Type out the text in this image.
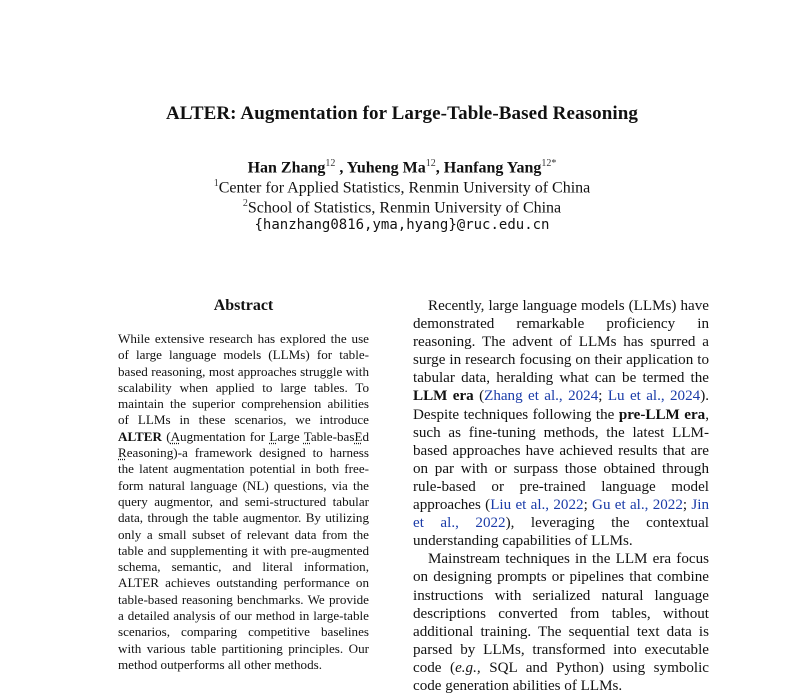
ALTER: Augmentation for Large-Table-Based Reasoning
Han Zhang$^{12}$ , Yuheng Ma$^{12}$, Hanfang Yang$^{12*}$
$^1$Center for Applied Statistics, Renmin University of China
$^2$School of Statistics, Renmin University of China
{hanzhang0816,yma,hyang}@ruc.edu.cn
Abstract

While extensive research has explored the use of large language models (LLMs) for table-based reasoning, most approaches struggle with scalability when applied to large tables. To maintain the superior comprehension abilities of LLMs in these scenarios, we introduce ALTER (Augmentation for Large Table-basEd Reasoning)-a framework designed to harness the latent augmentation potential in both free-form natural language (NL) questions, via the query augmentor, and semi-structured tabular data, through the table augmentor. By utilizing only a small subset of relevant data from the table and supplementing it with pre-augmented schema, semantic, and literal information, ALTER achieves outstanding performance on table-based reasoning benchmarks. We provide a detailed analysis of our method in large-table scenarios, comparing competitive baselines with various table partitioning principles. Our method outperforms all other methods.

Recently, large language models (LLMs) have demonstrated remarkable proficiency in reasoning. The advent of LLMs has spurred a surge in research focusing on their application to tabular data, heralding what can be termed the LLM era (Zhang et al., 2024; Lu et al., 2024). Despite techniques following the pre-LLM era, such as fine-tuning methods, the latest LLM-based approaches have achieved results that are on par with or surpass those obtained through rule-based or pre-trained language model approaches (Liu et al., 2022; Gu et al., 2022; Jin et al., 2022), leveraging the contextual understanding capabilities of LLMs.

Mainstream techniques in the LLM era focus on designing prompts or pipelines that combine instructions with serialized natural language descriptions converted from tables, without additional training. The sequential text data is parsed by LLMs, transformed into executable code (e.g., SQL and Python) using symbolic code generation abilities of LLMs.
